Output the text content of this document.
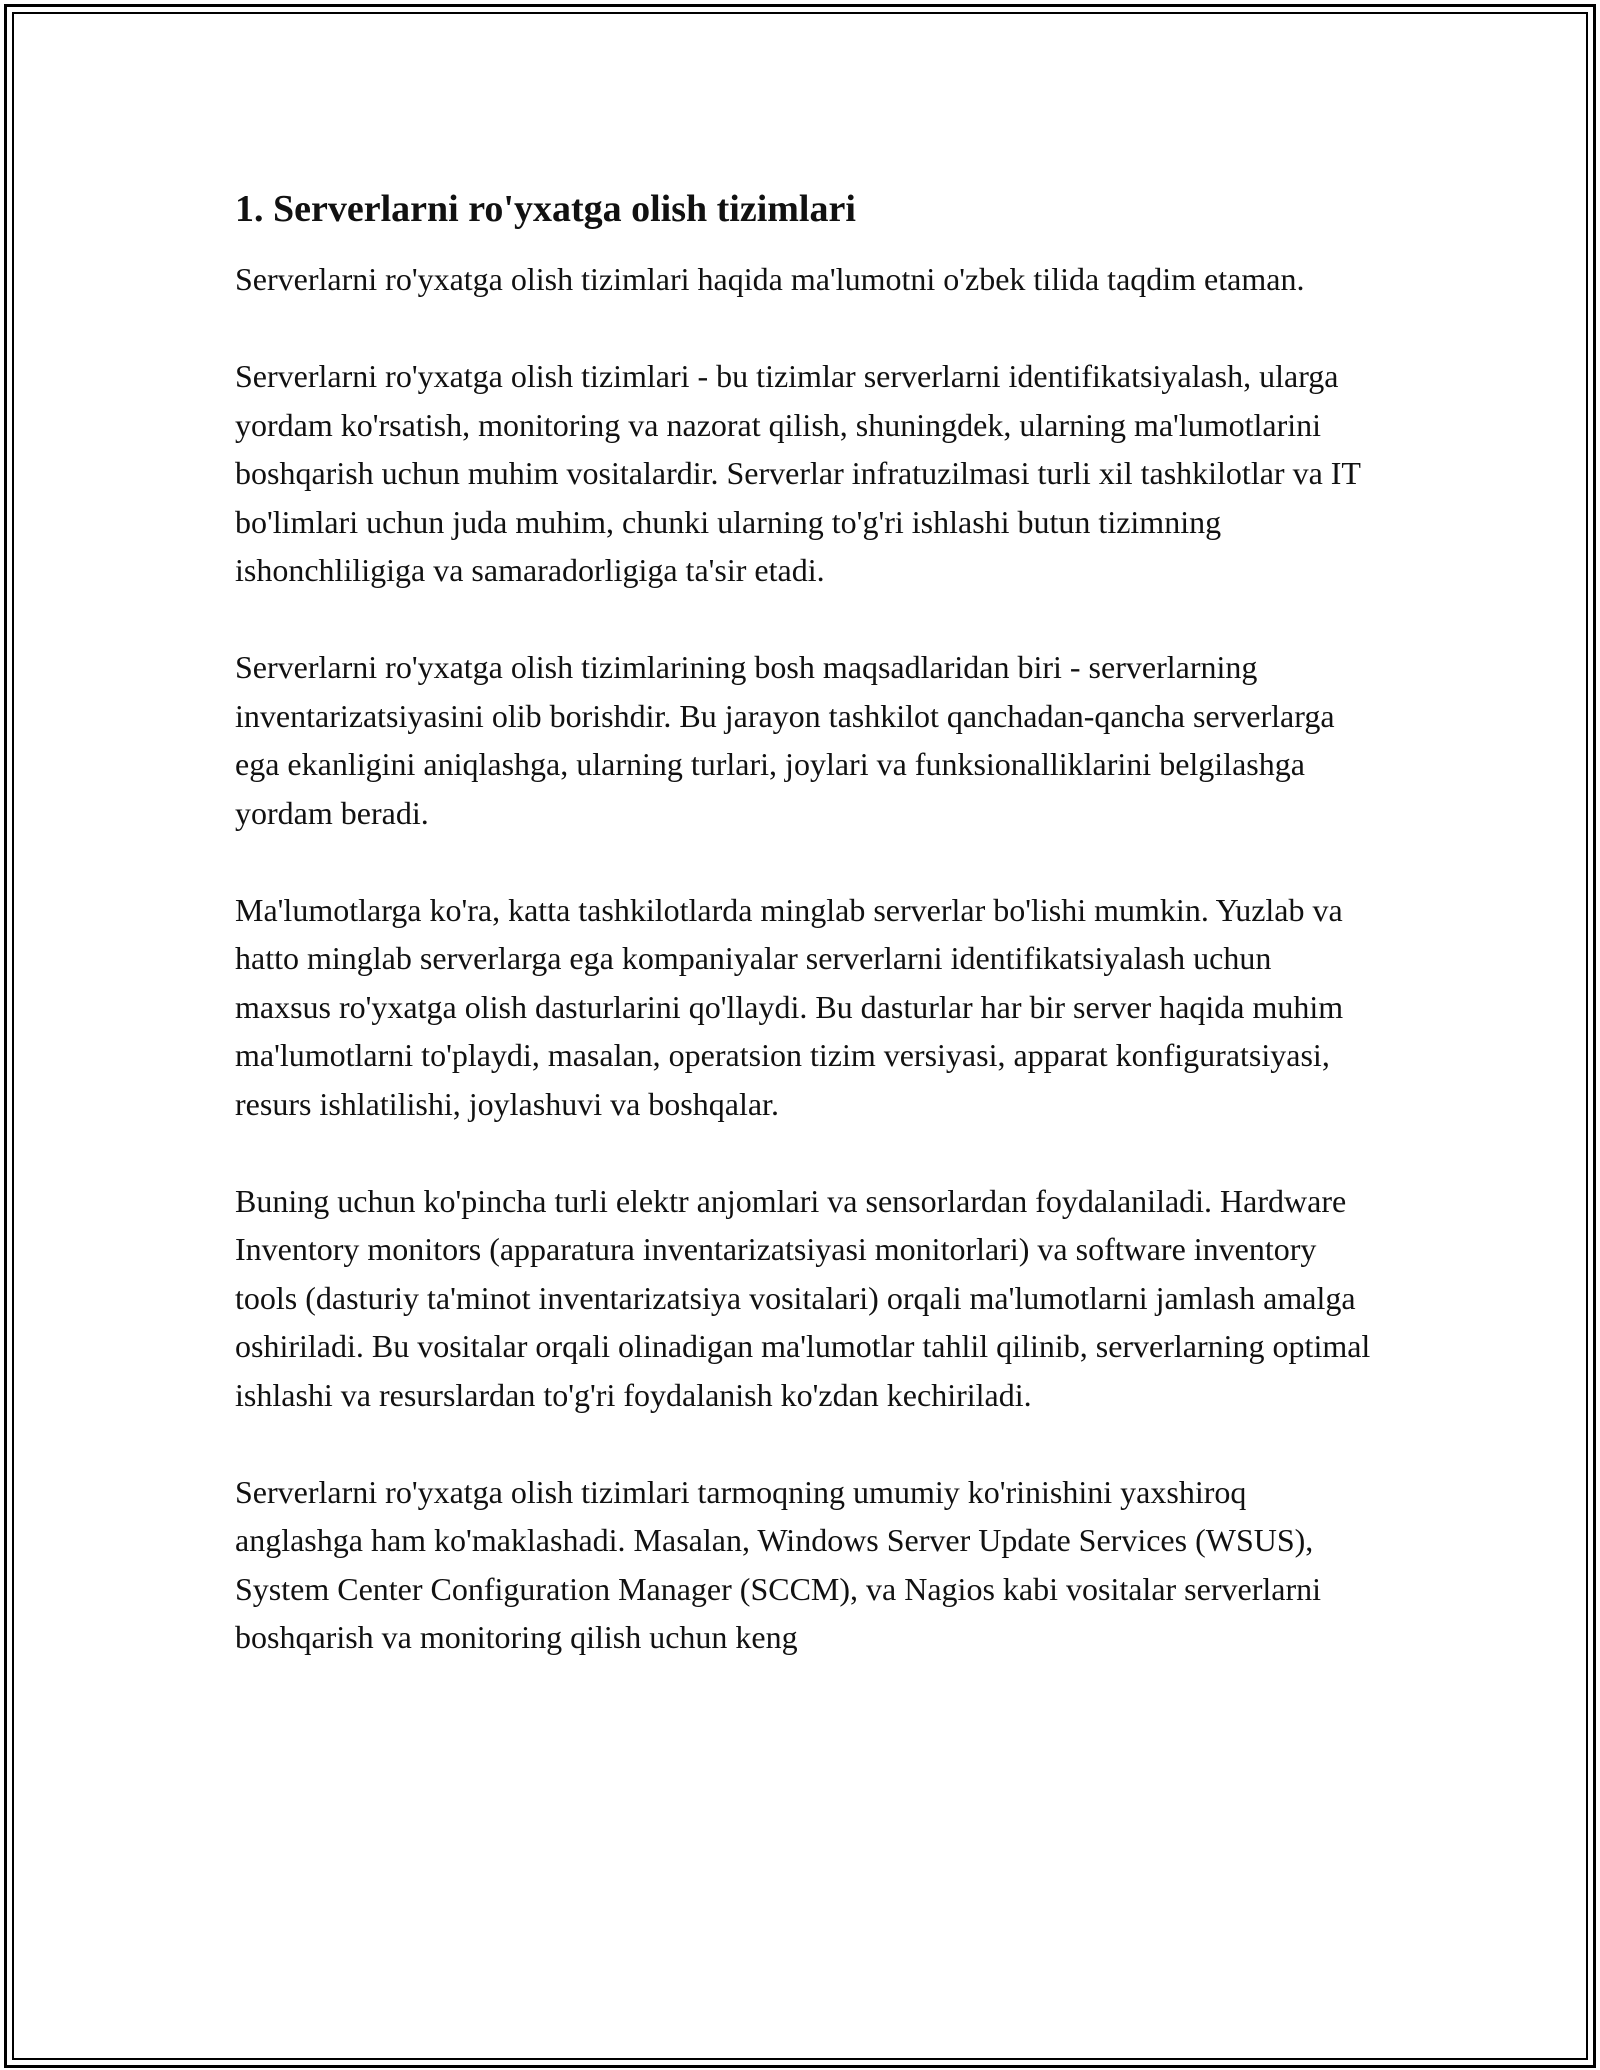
1. Serverlarni ro'yxatga olish tizimlari

Serverlarni ro'yxatga olish tizimlari haqida ma'lumotni o'zbek tilida taqdim etaman.

Serverlarni ro'yxatga olish tizimlari - bu tizimlar serverlarni identifikatsiyalash, ularga yordam ko'rsatish, monitoring va nazorat qilish, shuningdek, ularning ma'lumotlarini boshqarish uchun muhim vositalardir. Serverlar infratuzilmasi turli xil tashkilotlar va IT bo'limlari uchun juda muhim, chunki ularning to'g'ri ishlashi butun tizimning ishonchliligiga va samaradorligiga ta'sir etadi.

Serverlarni ro'yxatga olish tizimlarining bosh maqsadlaridan biri - serverlarning inventarizatsiyasini olib borishdir. Bu jarayon tashkilot qanchadan-qancha serverlarga ega ekanligini aniqlashga, ularning turlari, joylari va funksionalliklarini belgilashga yordam beradi.

Ma'lumotlarga ko'ra, katta tashkilotlarda minglab serverlar bo'lishi mumkin. Yuzlab va hatto minglab serverlarga ega kompaniyalar serverlarni identifikatsiyalash uchun maxsus ro'yxatga olish dasturlarini qo'llaydi. Bu dasturlar har bir server haqida muhim ma'lumotlarni to'playdi, masalan, operatsion tizim versiyasi, apparat konfiguratsiyasi, resurs ishlatilishi, joylashuvi va boshqalar.

Buning uchun ko'pincha turli elektr anjomlari va sensorlardan foydalaniladi. Hardware Inventory monitors (apparatura inventarizatsiyasi monitorlari) va software inventory tools (dasturiy ta'minot inventarizatsiya vositalari) orqali ma'lumotlarni jamlash amalga oshiriladi. Bu vositalar orqali olinadigan ma'lumotlar tahlil qilinib, serverlarning optimal ishlashi va resurslardan to'g'ri foydalanish ko'zdan kechiriladi.

Serverlarni ro'yxatga olish tizimlari tarmoqning umumiy ko'rinishini yaxshiroq anglashga ham ko'maklashadi. Masalan, Windows Server Update Services (WSUS), System Center Configuration Manager (SCCM), va Nagios kabi vositalar serverlarni boshqarish va monitoring qilish uchun keng
